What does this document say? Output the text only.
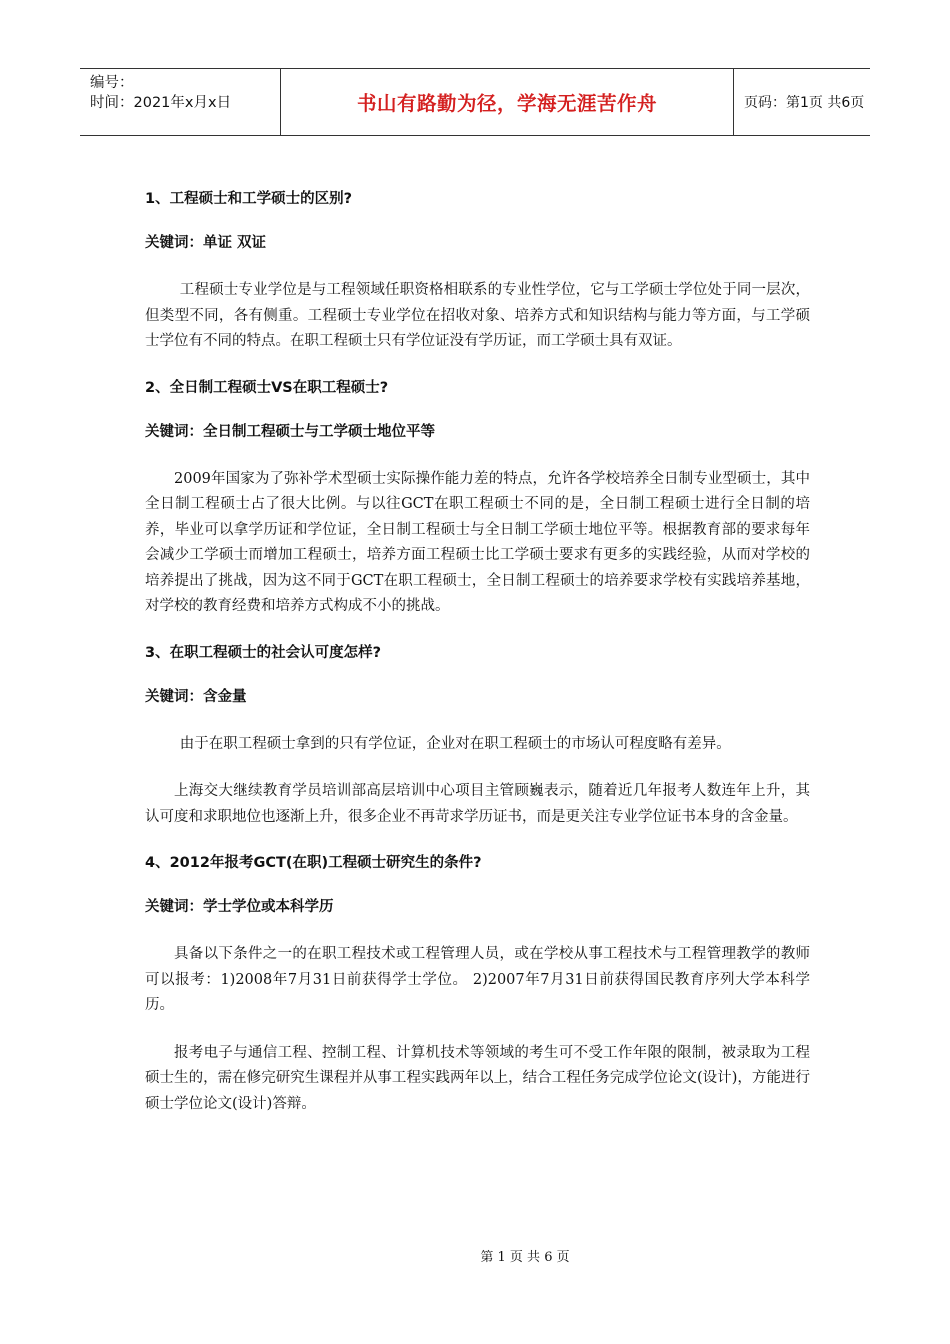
编号：
时间：2021年x月x日	书山有路勤为径，学海无涯苦作舟	页码：第1页 共6页

1、工程硕士和工学硕士的区别?

关键词：单证 双证

工程硕士专业学位是与工程领域任职资格相联系的专业性学位，它与工学硕士学位处于同一层次，但类型不同，各有侧重。工程硕士专业学位在招收对象、培养方式和知识结构与能力等方面，与工学硕士学位有不同的特点。在职工程硕士只有学位证没有学历证，而工学硕士具有双证。

2、全日制工程硕士VS在职工程硕士?

关键词：全日制工程硕士与工学硕士地位平等

2009年国家为了弥补学术型硕士实际操作能力差的特点，允许各学校培养全日制专业型硕士，其中全日制工程硕士占了很大比例。与以往GCT在职工程硕士不同的是，全日制工程硕士进行全日制的培养，毕业可以拿学历证和学位证，全日制工程硕士与全日制工学硕士地位平等。根据教育部的要求每年会减少工学硕士而增加工程硕士，培养方面工程硕士比工学硕士要求有更多的实践经验，从而对学校的培养提出了挑战，因为这不同于GCT在职工程硕士，全日制工程硕士的培养要求学校有实践培养基地，对学校的教育经费和培养方式构成不小的挑战。

3、在职工程硕士的社会认可度怎样?

关键词：含金量

由于在职工程硕士拿到的只有学位证，企业对在职工程硕士的市场认可程度略有差异。

上海交大继续教育学员培训部高层培训中心项目主管顾巍表示，随着近几年报考人数连年上升，其认可度和求职地位也逐渐上升，很多企业不再苛求学历证书，而是更关注专业学位证书本身的含金量。

4、2012年报考GCT(在职)工程硕士研究生的条件?

关键词：学士学位或本科学历

具备以下条件之一的在职工程技术或工程管理人员，或在学校从事工程技术与工程管理教学的教师可以报考：1)2008年7月31日前获得学士学位。 2)2007年7月31日前获得国民教育序列大学本科学历。

报考电子与通信工程、控制工程、计算机技术等领域的考生可不受工作年限的限制，被录取为工程硕士生的，需在修完研究生课程并从事工程实践两年以上，结合工程任务完成学位论文(设计)，方能进行硕士学位论文(设计)答辩。

第 1 页 共 6 页
